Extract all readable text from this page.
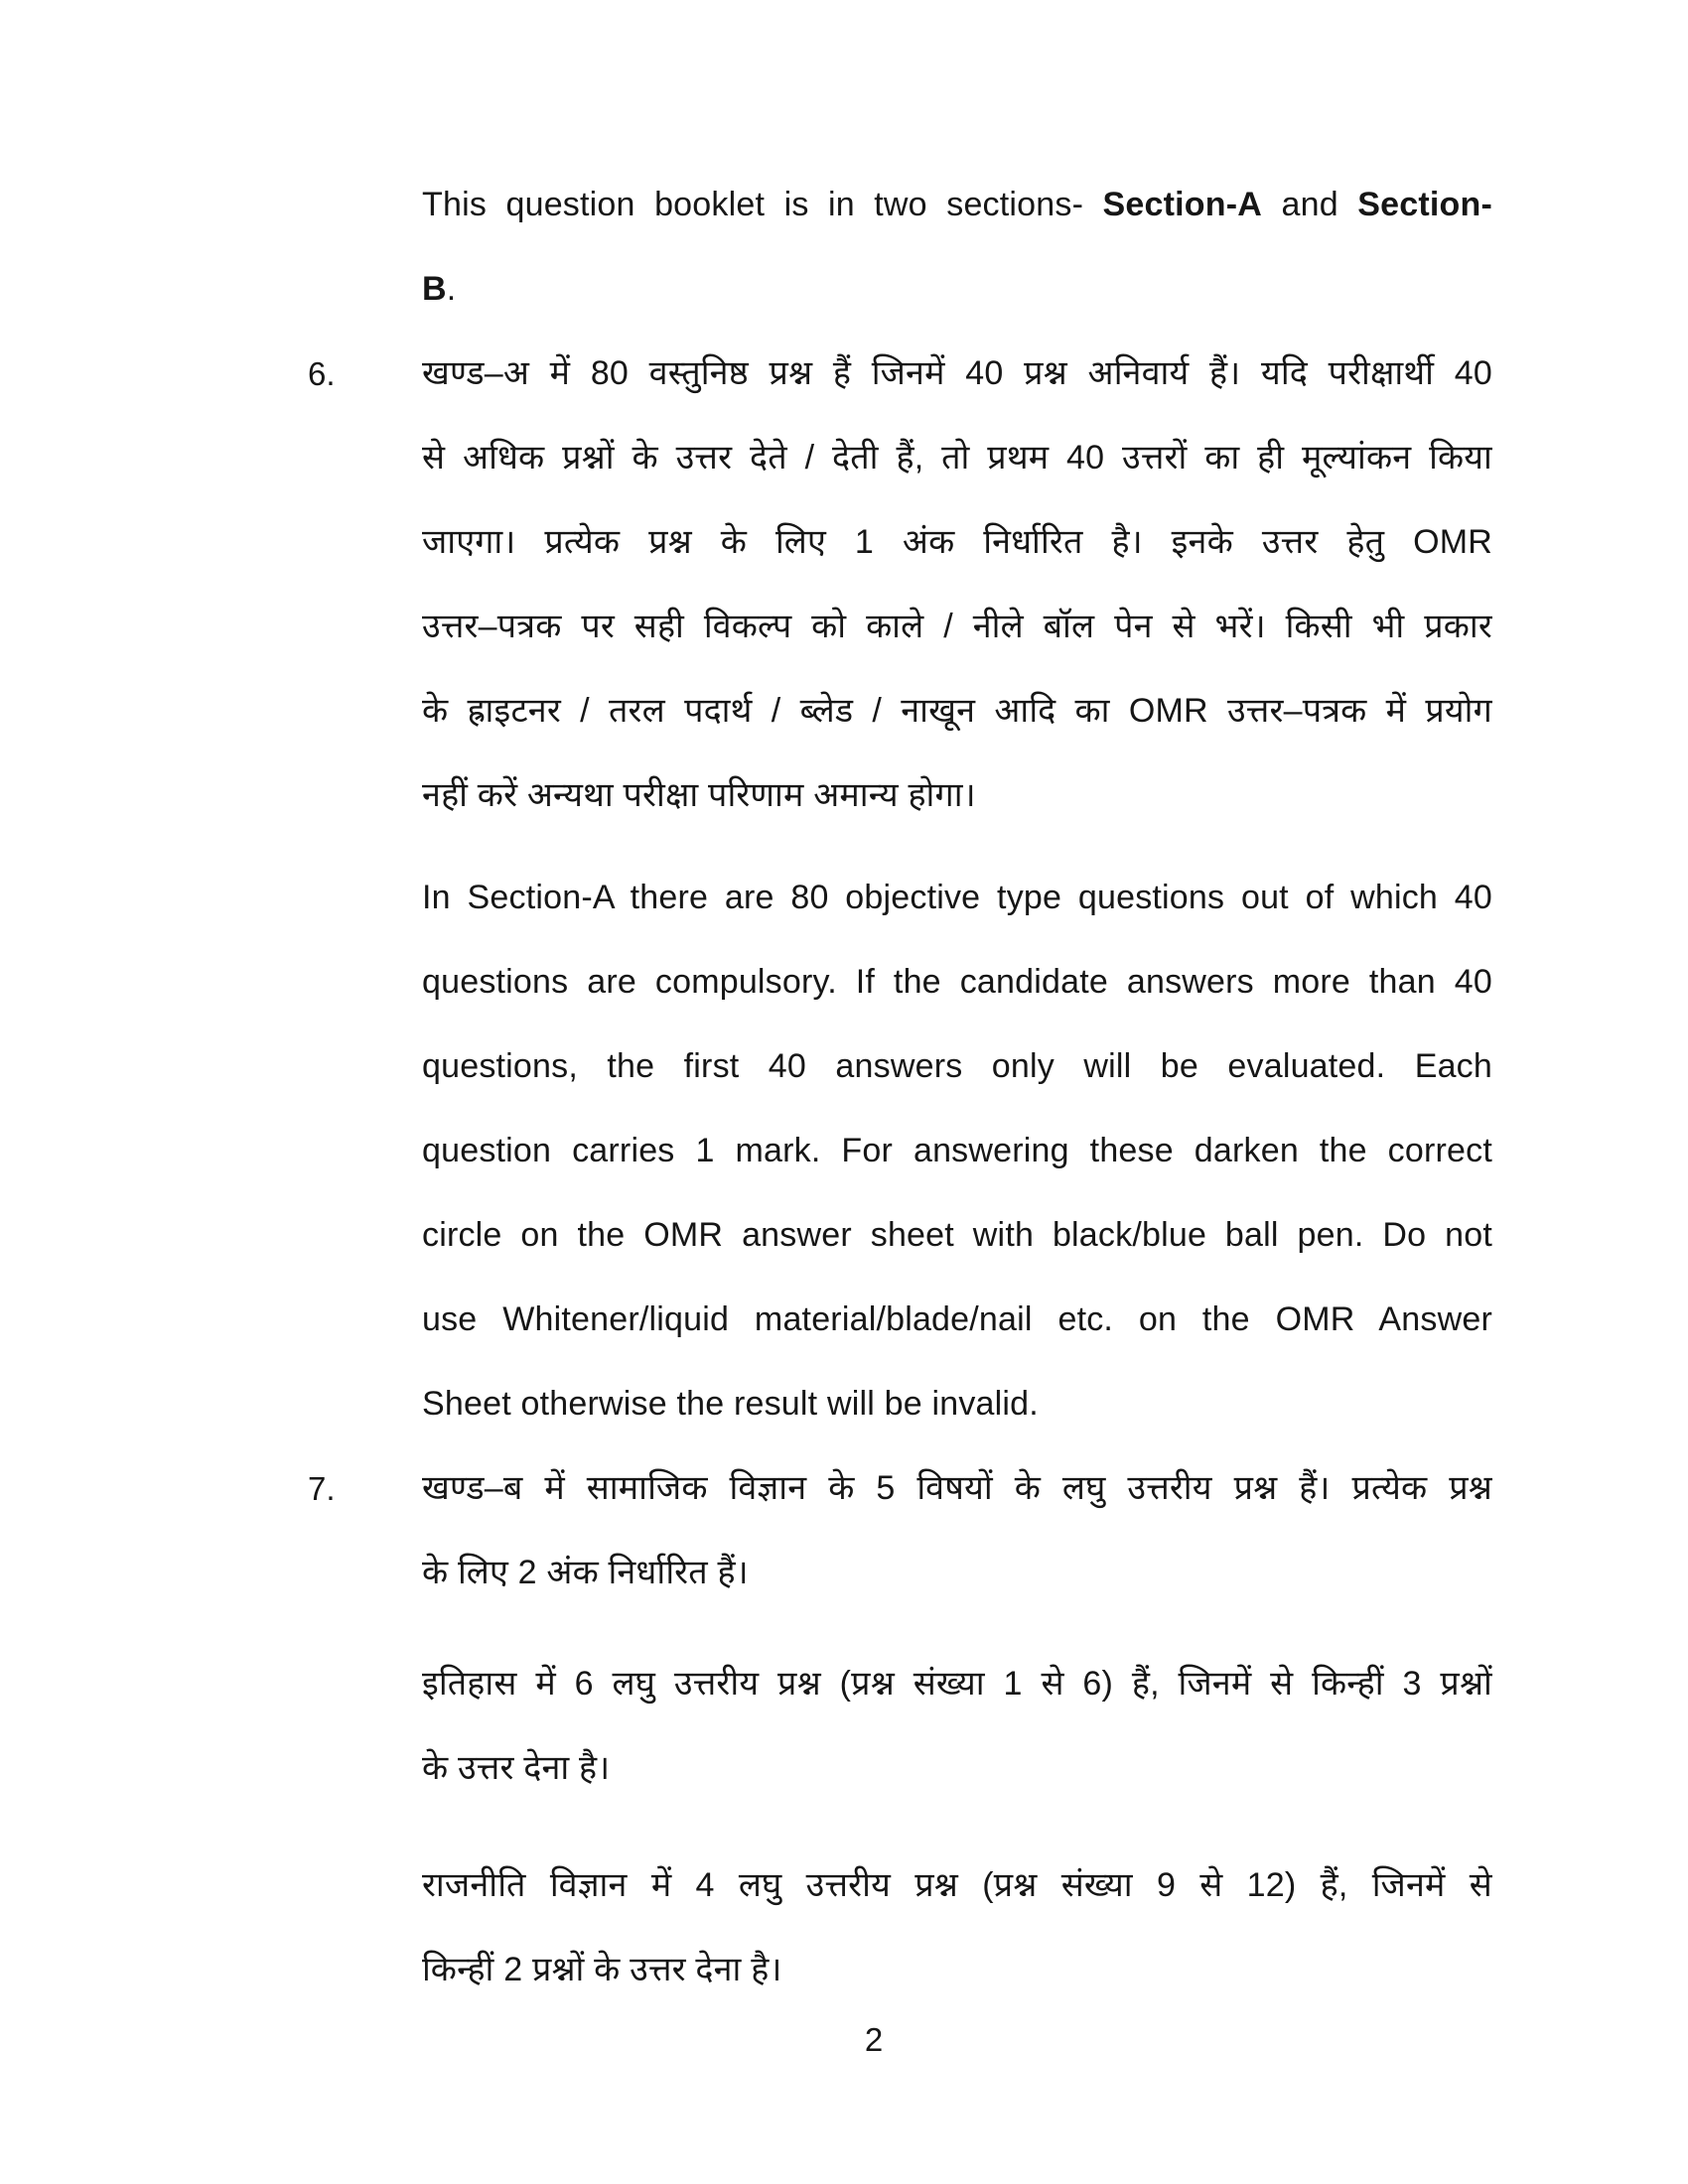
This question booklet is in two sections- Section-A and Section-
B.
6.	खण्ड–अ में 80 वस्तुनिष्ठ प्रश्न हैं जिनमें 40 प्रश्न अनिवार्य हैं। यदि परीक्षार्थी 40
से अधिक प्रश्नों के उत्तर देते / देती हैं, तो प्रथम 40 उत्तरों का ही मूल्यांकन किया
जाएगा। प्रत्येक प्रश्न के लिए 1 अंक निर्धारित है। इनके उत्तर हेतु OMR
उत्तर–पत्रक पर सही विकल्प को काले / नीले बॉल पेन से भरें। किसी भी प्रकार
के ह्राइटनर / तरल पदार्थ / ब्लेड / नाखून आदि का OMR उत्तर–पत्रक में प्रयोग
नहीं करें अन्यथा परीक्षा परिणाम अमान्य होगा।
In Section-A there are 80 objective type questions out of which 40
questions are compulsory. If the candidate answers more than 40
questions, the first 40 answers only will be evaluated. Each
question carries 1 mark. For answering these darken the correct
circle on the OMR answer sheet with black/blue ball pen. Do not
use Whitener/liquid material/blade/nail etc. on the OMR Answer
Sheet otherwise the result will be invalid.
7.	खण्ड–ब में सामाजिक विज्ञान के 5 विषयों के लघु उत्तरीय प्रश्न हैं। प्रत्येक प्रश्न
के लिए 2 अंक निर्धारित हैं।
इतिहास में 6 लघु उत्तरीय प्रश्न (प्रश्न संख्या 1 से 6) हैं, जिनमें से किन्हीं 3 प्रश्नों
के उत्तर देना है।
राजनीति विज्ञान में 4 लघु उत्तरीय प्रश्न (प्रश्न संख्या 9 से 12) हैं, जिनमें से
किन्हीं 2 प्रश्नों के उत्तर देना है।
2
